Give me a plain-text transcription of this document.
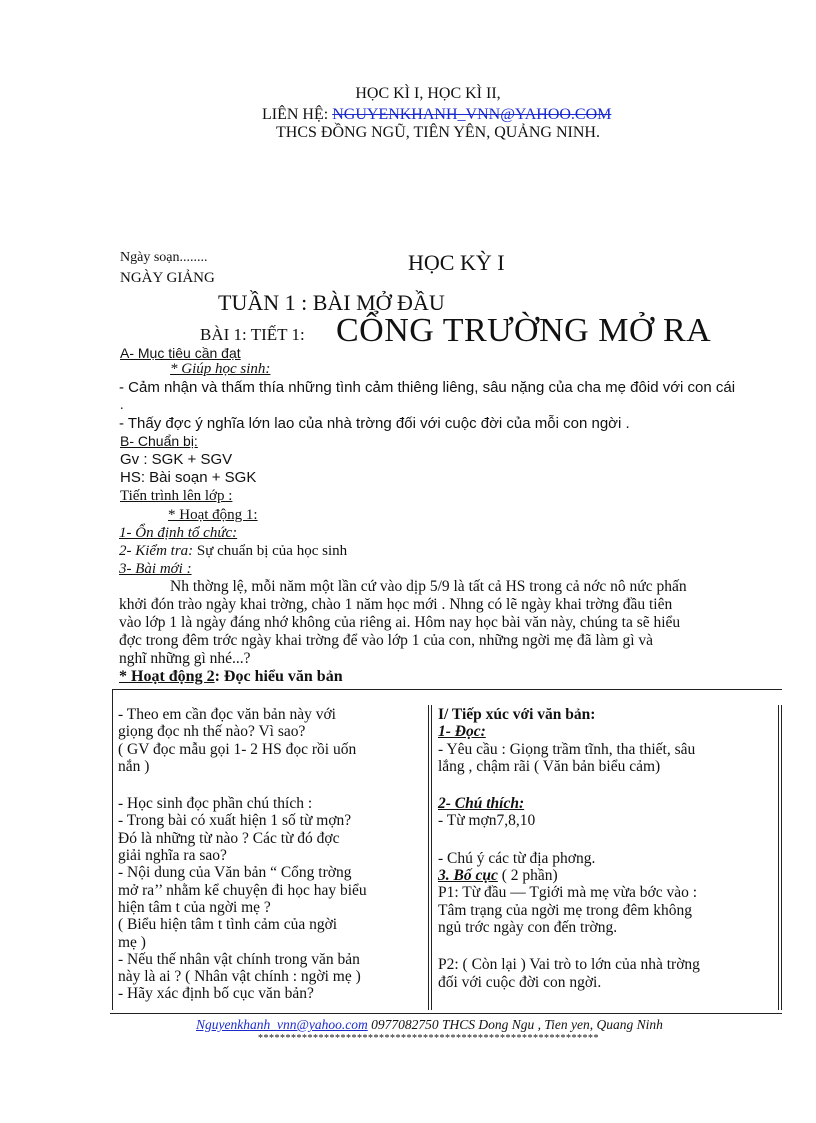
HỌC KÌ I, HỌC KÌ II,
LIÊN HỆ: NGUYENKHANH_VNN@YAHOO.COM
THCS ĐỒNG NGŨ, TIÊN YÊN, QUẢNG NINH.
Ngày soạn........
NGÀY GIẢNG
HỌC KỲ I
TUẦN 1 : BÀI MỞ ĐẦU
BÀI 1: TIẾT 1: CỔNG TRƯỜNG MỞ RA
A- Mục tiêu cần đạt
* Giúp học sinh:
- Cảm nhận và thấm thía những tình cảm thiêng liêng, sâu nặng của cha mẹ đôid với con cái
.
- Thấy đợc ý nghĩa lớn lao của nhà trờng đối với cuộc đời của mỗi con ngời .
B- Chuẩn bị:
Gv : SGK + SGV
HS: Bài soạn + SGK
Tiến trình lên lớp :
* Hoạt động 1:
1- Ổn định tổ chức:
2- Kiểm tra: Sự chuẩn bị của học sinh
3- Bài mới :
Nh thờng lệ, mỗi năm một lần cứ vào dịp 5/9 là tất cả HS trong cả nớc nô nức phấn
khởi đón trào ngày khai trờng, chào 1 năm học mới . Nhng có lẽ ngày khai trờng đầu tiên
vào lớp 1 là ngày đáng nhớ không của riêng ai. Hôm nay học bài văn này, chúng ta sẽ hiểu
đợc trong đêm trớc ngày khai trờng để vào lớp 1 của con, những ngời mẹ đã làm gì và
nghĩ những gì nhé...?
* Hoạt động 2: Đọc hiểu văn bản
- Theo em cần đọc văn bản này với
giọng đọc nh thế nào? Vì sao?
( GV đọc mẫu gọi 1- 2 HS đọc rồi uốn
nắn )
- Học sinh đọc phần chú thích :
- Trong bài có xuất hiện 1 số từ mợn?
Đó là những từ nào ? Các từ đó đợc
giải nghĩa ra sao?
- Nội dung của Văn bản “ Cổng trờng
mở ra’’ nhằm kể chuyện đi học hay biểu
hiện tâm t của ngời mẹ ?
( Biểu hiện tâm t tình cảm của ngời
mẹ )
- Nếu thế nhân vật chính trong văn bản
này là ai ? ( Nhân vật chính : ngời mẹ )
- Hãy xác định bố cục văn bản?
I/ Tiếp xúc với văn bản:
1- Đọc:
- Yêu cầu : Giọng trầm tĩnh, tha thiết, sâu
lắng , chậm rãi ( Văn bản biểu cảm)
2- Chú thích:
- Từ mợn7,8,10
- Chú ý các từ địa phơng.
3. Bố cục ( 2 phần)
P1: Từ đầu — Tgiới mà mẹ vừa bớc vào :
Tâm trạng của ngời mẹ trong đêm không
ngủ trớc ngày con đến trờng.
P2: ( Còn lại ) Vai trò to lớn của nhà trờng
đối với cuộc đời con ngời.
Nguyenkhanh_vnn@yahoo.com 0977082750 THCS Dong Ngu , Tien yen, Quang Ninh
**************************************************************
